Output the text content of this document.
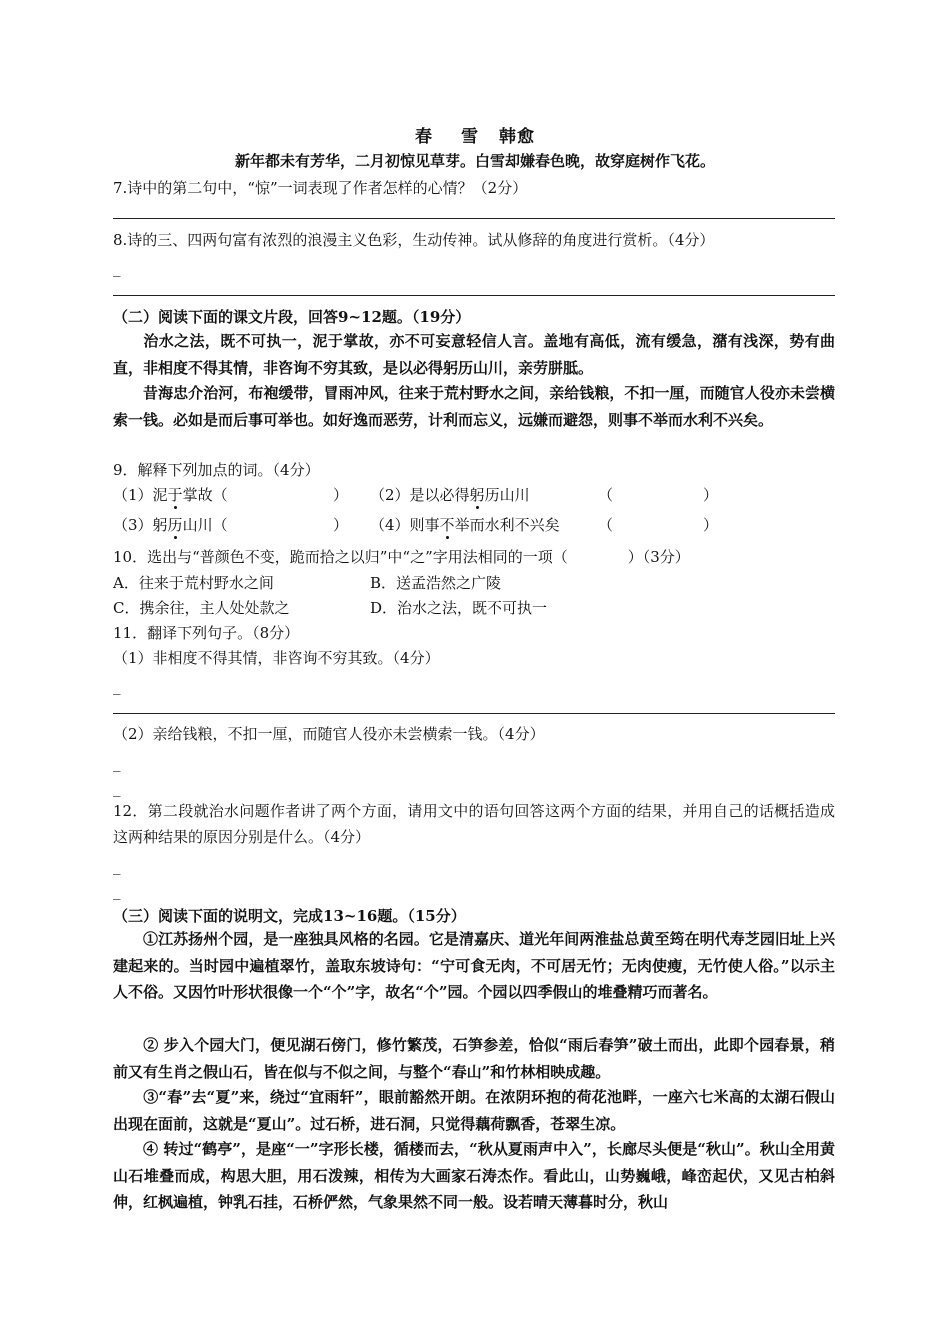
春 雪 韩愈
新年都未有芳华，二月初惊见草芽。白雪却嫌春色晚，故穿庭树作飞花。
7.诗中的第二句中，“惊”一词表现了作者怎样的心情？（2分）
8.诗的三、四两句富有浓烈的浪漫主义色彩，生动传神。试从修辞的角度进行赏析。（4分）
_
（二）阅读下面的课文片段，回答9~12题。（19分）
治水之法，既不可执一，泥于掌故，亦不可妄意轻信人言。盖地有高低，流有缓急，潴有浅深，势有曲直，非相度不得其情，非咨询不穷其致，是以必得躬历山川，亲劳胼胝。
昔海忠介治河，布袍缓带，冒雨冲风，往来于荒村野水之间，亲给钱粮，不扣一厘，而随官人役亦未尝横索一钱。必如是而后事可举也。如好逸而恶劳，计利而忘义，远嫌而避怨，则事不举而水利不兴矣。
9．解释下列加点的词。（4分）
（1）泥于掌故（	） （2）是以必得躬历山川	（　　　　　　）
（3）躬历山川（	） （4）则事不举而水利不兴矣	（　　　　　　）
10．选出与“普颜色不变，跪而拾之以归”中“之”字用法相同的一项（　　　　）（3分）
A．往来于荒村野水之间	B．送孟浩然之广陵
C．携余往，主人处处款之	D．治水之法，既不可执一
11．翻译下列句子。（8分）
（1）非相度不得其情，非咨询不穷其致。（4分）
_
（2）亲给钱粮，不扣一厘，而随官人役亦未尝横索一钱。（4分）
_
_
12．第二段就治水问题作者讲了两个方面，请用文中的语句回答这两个方面的结果，并用自己的话概括造成这两种结果的原因分别是什么。（4分）
_
_
（三）阅读下面的说明文，完成13~16题。（15分）
①江苏扬州个园，是一座独具风格的名园。它是清嘉庆、道光年间两淮盐总黄至筠在明代寿芝园旧址上兴建起来的。当时园中遍植翠竹，盖取东坡诗句：“宁可食无肉，不可居无竹；无肉使瘦，无竹使人俗。”以示主人不俗。又因竹叶形状很像一个“个”字，故名“个”园。个园以四季假山的堆叠精巧而著名。
② 步入个园大门，便见湖石傍门，修竹繁茂，石笋参差，恰似“雨后春笋”破土而出，此即个园春景，稍前又有生肖之假山石，皆在似与不似之间，与整个“春山”和竹林相映成趣。
③“春”去“夏”来，绕过“宜雨轩”，眼前豁然开朗。在浓阴环抱的荷花池畔，一座六七米高的太湖石假山出现在面前，这就是“夏山”。过石桥，进石洞，只觉得藕荷飘香，苍翠生凉。
④ 转过“鹤亭”，是座“一”字形长楼，循楼而去，“秋从夏雨声中入”，长廊尽头便是“秋山”。秋山全用黄山石堆叠而成，构思大胆，用石泼辣，相传为大画家石涛杰作。看此山，山势巍峨，峰峦起伏，又见古柏斜伸，红枫遍植，钟乳石挂，石桥俨然，气象果然不同一般。设若晴天薄暮时分，秋山
